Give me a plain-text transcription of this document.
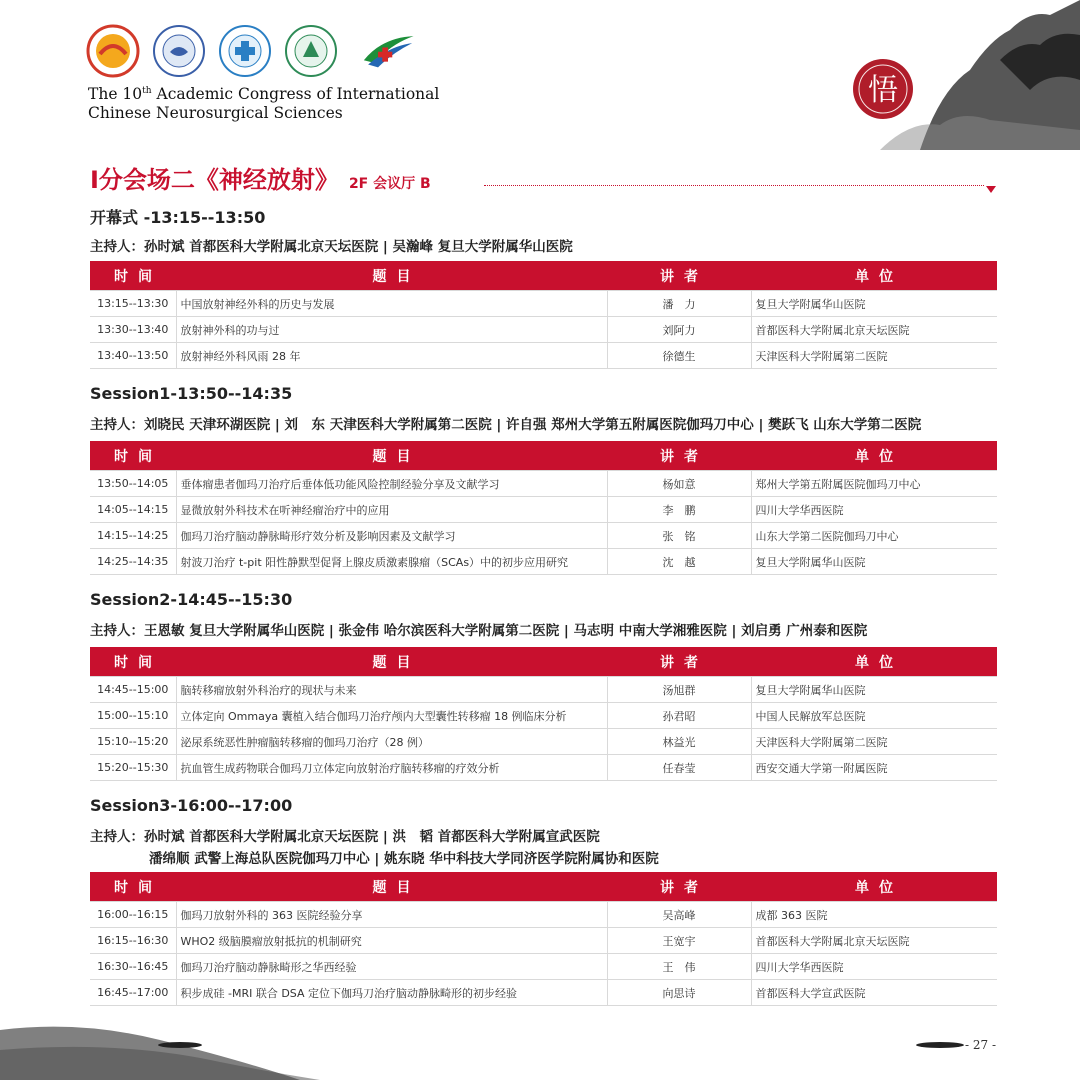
The 10th Academic Congress of International
Chinese Neurosurgical Sciences
悟
Ⅰ分会场二《神经放射》 2F 会议厅 B
开幕式 -13:15--13:50
主持人：孙时斌 首都医科大学附属北京天坛医院 | 吴瀚峰 复旦大学附属华山医院
时间	题目	讲者	单位
13:15--13:30	中国放射神经外科的历史与发展	潘　力	复旦大学附属华山医院
13:30--13:40	放射神外科的功与过	刘阿力	首都医科大学附属北京天坛医院
13:40--13:50	放射神经外科风雨 28 年	徐德生	天津医科大学附属第二医院
Session1-13:50--14:35
主持人：刘晓民 天津环湖医院 | 刘　东 天津医科大学附属第二医院 | 许自强 郑州大学第五附属医院伽玛刀中心 | 樊跃飞 山东大学第二医院
时间	题目	讲者	单位
13:50--14:05	垂体瘤患者伽玛刀治疗后垂体低功能风险控制经验分享及文献学习	杨如意	郑州大学第五附属医院伽玛刀中心
14:05--14:15	显微放射外科技术在听神经瘤治疗中的应用	李　鹏	四川大学华西医院
14:15--14:25	伽玛刀治疗脑动静脉畸形疗效分析及影响因素及文献学习	张　铭	山东大学第二医院伽玛刀中心
14:25--14:35	射波刀治疗 t-pit 阳性静默型促肾上腺皮质激素腺瘤（SCAs）中的初步应用研究	沈　越	复旦大学附属华山医院
Session2-14:45--15:30
主持人：王恩敏 复旦大学附属华山医院 | 张金伟 哈尔滨医科大学附属第二医院 | 马志明 中南大学湘雅医院 | 刘启勇 广州泰和医院
时间	题目	讲者	单位
14:45--15:00	脑转移瘤放射外科治疗的现状与未来	汤旭群	复旦大学附属华山医院
15:00--15:10	立体定向 Ommaya 囊植入结合伽玛刀治疗颅内大型囊性转移瘤 18 例临床分析	孙君昭	中国人民解放军总医院
15:10--15:20	泌尿系统恶性肿瘤脑转移瘤的伽玛刀治疗（28 例）	林益光	天津医科大学附属第二医院
15:20--15:30	抗血管生成药物联合伽玛刀立体定向放射治疗脑转移瘤的疗效分析	任春莹	西安交通大学第一附属医院
Session3-16:00--17:00
主持人：孙时斌 首都医科大学附属北京天坛医院 | 洪　韬 首都医科大学附属宣武医院
潘绵顺 武警上海总队医院伽玛刀中心 | 姚东晓 华中科技大学同济医学院附属协和医院
时间	题目	讲者	单位
16:00--16:15	伽玛刀放射外科的 363 医院经验分享	吴高峰	成都 363 医院
16:15--16:30	WHO2 级脑膜瘤放射抵抗的机制研究	王宽宇	首都医科大学附属北京天坛医院
16:30--16:45	伽玛刀治疗脑动静脉畸形之华西经验	王　伟	四川大学华西医院
16:45--17:00	积步成硅 -MRI 联合 DSA 定位下伽玛刀治疗脑动静脉畸形的初步经验	向思诗	首都医科大学宣武医院
- 27 -
